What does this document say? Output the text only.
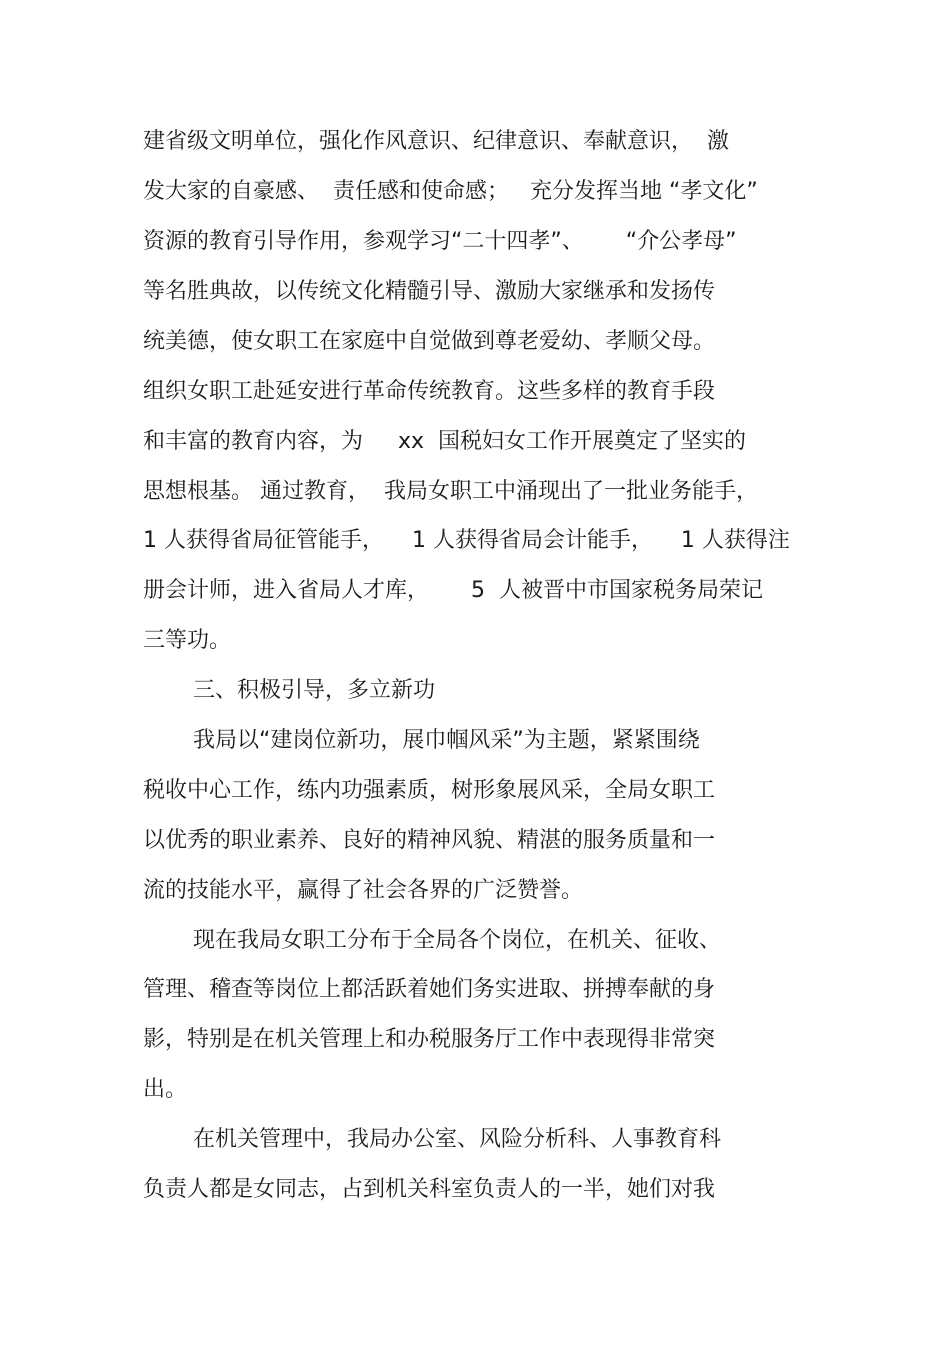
建省级文明单位，强化作风意识、纪律意识、奉献意识，  激

发大家的自豪感、  责任感和使命感；   充分发挥当地 “孝文化”

资源的教育引导作用，参观学习“二十四孝”、      “介公孝母”

等名胜典故，以传统文化精髓引导、激励大家继承和发扬传

统美德，使女职工在家庭中自觉做到尊老爱幼、孝顺父母。

组织女职工赴延安进行革命传统教育。这些多样的教育手段

和丰富的教育内容，为     xx  国税妇女工作开展奠定了坚实的

思想根基。 通过教育，  我局女职工中涌现出了一批业务能手，

1 人获得省局征管能手，    1 人获得省局会计能手，    1 人获得注

册会计师，进入省局人才库，      5  人被晋中市国家税务局荣记

三等功。

三、积极引导，多立新功

我局以“建岗位新功，展巾帼风采”为主题，紧紧围绕

税收中心工作，练内功强素质，树形象展风采，全局女职工

以优秀的职业素养、良好的精神风貌、精湛的服务质量和一

流的技能水平，赢得了社会各界的广泛赞誉。

现在我局女职工分布于全局各个岗位，在机关、征收、

管理、稽查等岗位上都活跃着她们务实进取、拼搏奉献的身

影，特别是在机关管理上和办税服务厅工作中表现得非常突

出。

在机关管理中，我局办公室、风险分析科、人事教育科

负责人都是女同志，占到机关科室负责人的一半，她们对我
